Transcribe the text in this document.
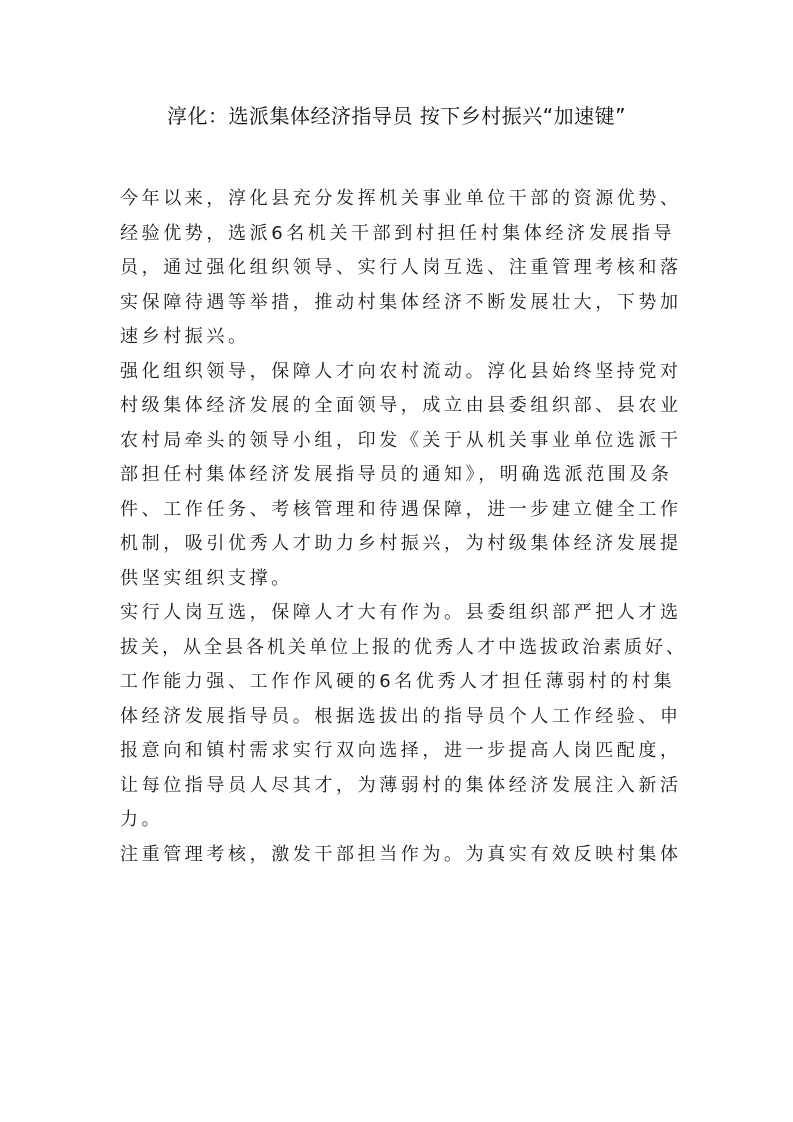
淳化：选派集体经济指导员 按下乡村振兴“加速键”
今年以来，淳化县充分发挥机关事业单位干部的资源优势、
经验优势，选派6名机关干部到村担任村集体经济发展指导
员，通过强化组织领导、实行人岗互选、注重管理考核和落
实保障待遇等举措，推动村集体经济不断发展壮大，下势加
速乡村振兴。
强化组织领导，保障人才向农村流动。淳化县始终坚持党对
村级集体经济发展的全面领导，成立由县委组织部、县农业
农村局牵头的领导小组，印发《关于从机关事业单位选派干
部担任村集体经济发展指导员的通知》，明确选派范围及条
件、工作任务、考核管理和待遇保障，进一步建立健全工作
机制，吸引优秀人才助力乡村振兴，为村级集体经济发展提
供坚实组织支撑。
实行人岗互选，保障人才大有作为。县委组织部严把人才选
拔关，从全县各机关单位上报的优秀人才中选拔政治素质好、
工作能力强、工作作风硬的6名优秀人才担任薄弱村的村集
体经济发展指导员。根据选拔出的指导员个人工作经验、申
报意向和镇村需求实行双向选择，进一步提高人岗匹配度，
让每位指导员人尽其才，为薄弱村的集体经济发展注入新活
力。
注重管理考核，激发干部担当作为。为真实有效反映村集体
